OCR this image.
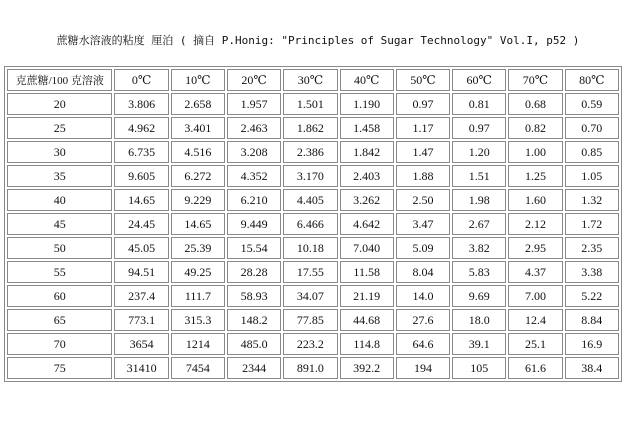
蔗糖水溶液的粘度 厘泊 ( 摘自 P.Honig: "Principles of Sugar Technology" Vol.I, p52 )
克蔗糖/100 克溶液	0℃	10℃	20℃	30℃	40℃	50℃	60℃	70℃	80℃
20	3.806	2.658	1.957	1.501	1.190	0.97	0.81	0.68	0.59
25	4.962	3.401	2.463	1.862	1.458	1.17	0.97	0.82	0.70
30	6.735	4.516	3.208	2.386	1.842	1.47	1.20	1.00	0.85
35	9.605	6.272	4.352	3.170	2.403	1.88	1.51	1.25	1.05
40	14.65	9.229	6.210	4.405	3.262	2.50	1.98	1.60	1.32
45	24.45	14.65	9.449	6.466	4.642	3.47	2.67	2.12	1.72
50	45.05	25.39	15.54	10.18	7.040	5.09	3.82	2.95	2.35
55	94.51	49.25	28.28	17.55	11.58	8.04	5.83	4.37	3.38
60	237.4	111.7	58.93	34.07	21.19	14.0	9.69	7.00	5.22
65	773.1	315.3	148.2	77.85	44.68	27.6	18.0	12.4	8.84
70	3654	1214	485.0	223.2	114.8	64.6	39.1	25.1	16.9
75	31410	7454	2344	891.0	392.2	194	105	61.6	38.4
